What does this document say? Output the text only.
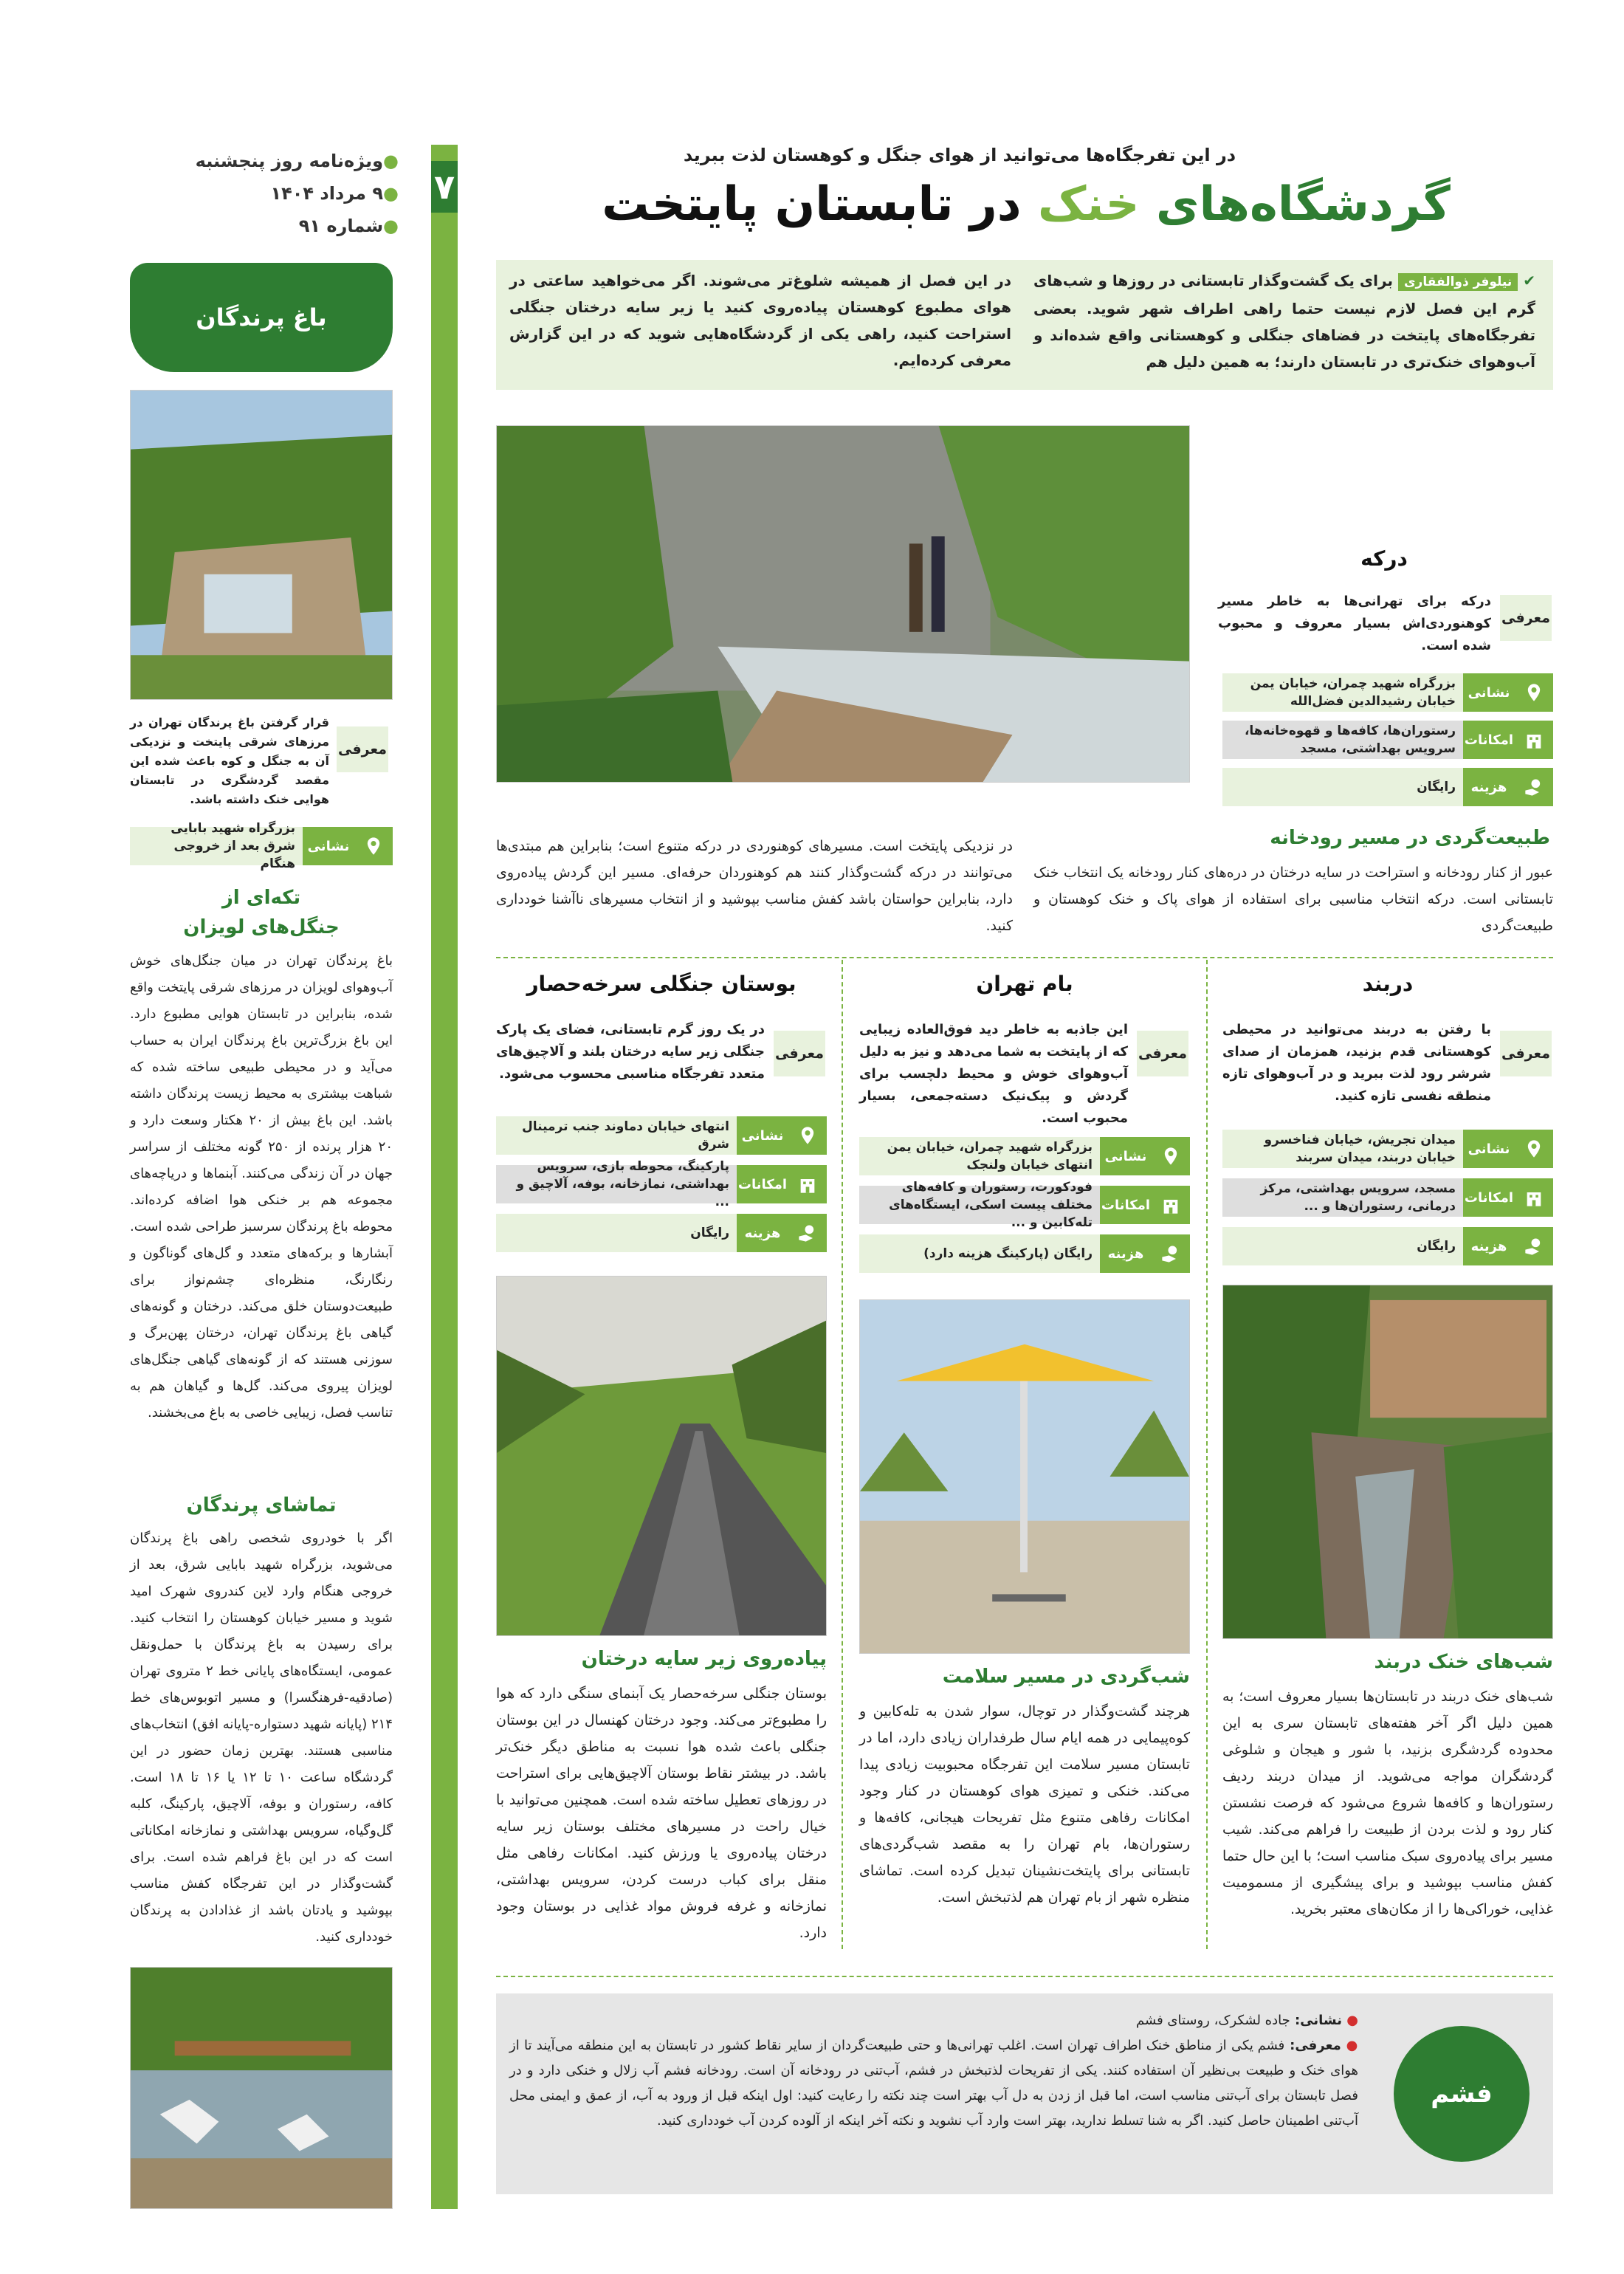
●ویژه‌نامه روز پنجشنبه
●۹ مرداد ۱۴۰۴
●شماره ۹۱
۷
در این تفرجگاه‌ها می‌توانید از هوای جنگل و کوهستان لذت ببرید
گردشگاه‌های خنک در تابستان پایتخت
✔ نیلوفر ذوالفقاری برای یک گشت‌وگذار تابستانی در روزها و شب‌های گرم این فصل لازم نیست حتما راهی اطراف شهر شوید. بعضی تفرجگاه‌های پایتخت در فضاهای جنگلی و کوهستانی واقع شده‌اند و آب‌وهوای خنک‌تری در تابستان دارند؛ به همین دلیل هم
در این فصل از همیشه شلوغ‌تر می‌شوند. اگر می‌خواهید ساعتی در هوای مطبوع کوهستان پیاده‌روی کنید یا زیر سایه درختان جنگلی استراحت کنید، راهی یکی از گردشگاه‌هایی شوید که در این گزارش معرفی کرده‌ایم.
درکه
معرفی
درکه برای تهرانی‌ها به خاطر مسیر کوهنوردی‌اش بسیار معروف و محبوب شده است.
نشانی
بزرگراه شهید چمران، خیابان یمن خیابان رشیدالدین فضل‌الله
امکانات
رستوران‌ها، کافه‌ها و قهوه‌خانه‌ها، سرویس بهداشتی، مسجد
هزینه
رایگان
طبیعت‌گردی در مسیر رودخانه
عبور از کنار رودخانه و استراحت در سایه درختان در دره‌های کنار رودخانه یک انتخاب خنک تابستانی است. درکه انتخاب مناسبی برای استفاده از هوای پاک و خنک کوهستان و طبیعت‌گردی
در نزدیکی پایتخت است. مسیرهای کوهنوردی در درکه متنوع است؛ بنابراین هم مبتدی‌ها می‌توانند در درکه گشت‌وگذار کنند هم کوهنوردان حرفه‌ای. مسیر این گردش پیاده‌روی دارد، بنابراین حواستان باشد کفش مناسب بپوشید و از انتخاب مسیرهای ناآشنا خودداری کنید.
دربند
معرفی
با رفتن به دربند می‌توانید در محیطی کوهستانی قدم بزنید، همزمان از صدای شرشر رود لذت ببرید و در آب‌وهوای تازه منطقه نفسی تازه کنید.
نشانی
میدان تجریش، خیابان فناخسرو خیابان دربند، میدان سربند
امکانات
مسجد، سرویس بهداشتی، مرکز درمانی، رستوران‌ها و ...
هزینه
رایگان
شب‌های خنک دربند
شب‌های خنک دربند در تابستان‌ها بسیار معروف است؛ به همین دلیل اگر آخر هفته‌های تابستان سری به این محدوده گردشگری بزنید، با شور و هیجان و شلوغی گردشگران مواجه می‌شوید. از میدان دربند ردیف رستوران‌ها و کافه‌ها شروع می‌شود که فرصت نشستن کنار رود و لذت بردن از طبیعت را فراهم می‌کند. شیب مسیر برای پیاده‌روی سبک مناسب است؛ با این حال حتما کفش مناسب بپوشید و برای پیشگیری از مسمومیت غذایی، خوراکی‌ها را از مکان‌های معتبر بخرید.
بام تهران
معرفی
این جاذبه به خاطر دید فوق‌العاده زیبایی که از پایتخت به شما می‌دهد و نیز به دلیل آب‌وهوای خوش و محیط دلچسب برای گردش و پیک‌نیک دسته‌جمعی، بسیار محبوب است.
نشانی
بزرگراه شهید چمران، خیابان یمن انتهای خیابان ولنجک
امکانات
فودکورت، رستوران و کافه‌های مختلف پیست اسکی، ایستگاه‌های تله‌کابین و ...
هزینه
رایگان (پارکینگ هزینه دارد)
شب‌گردی در مسیر سلامت
هرچند گشت‌وگذار در توچال، سوار شدن به تله‌کابین و کوه‌پیمایی در همه ایام سال طرفداران زیادی دارد، اما در تابستان مسیر سلامت این تفرجگاه محبوبیت زیادی پیدا می‌کند. خنکی و تمیزی هوای کوهستان در کنار وجود امکانات رفاهی متنوع مثل تفریحات هیجانی، کافه‌ها و رستوران‌ها، بام تهران را به مقصد شب‌گردی‌های تابستانی برای پایتخت‌نشینان تبدیل کرده است. تماشای منظره شهر از بام تهران هم لذتبخش است.
بوستان جنگلی سرخه‌حصار
معرفی
در یک روز گرم تابستانی، فضای یک پارک جنگلی زیر سایه درختان بلند و آلاچیق‌های متعدد تفرجگاه مناسبی محسوب می‌شود.
نشانی
انتهای خیابان دماوند جنب ترمینال شرق
امکانات
پارکینگ، محوطه بازی، سرویس بهداشتی، نمازخانه، بوفه، آلاچیق و ...
هزینه
رایگان
پیاده‌روی زیر سایه درختان
بوستان جنگلی سرخه‌حصار یک آبنمای سنگی دارد که هوا را مطبوع‌تر می‌کند. وجود درختان کهنسال در این بوستان جنگلی باعث شده هوا نسبت به مناطق دیگر خنک‌تر باشد. در بیشتر نقاط بوستان آلاچیق‌هایی برای استراحت در روزهای تعطیل ساخته شده است. همچنین می‌توانید با خیال راحت در مسیرهای مختلف بوستان زیر سایه درختان پیاده‌روی یا ورزش کنید. امکانات رفاهی مثل منقل برای کباب درست کردن، سرویس بهداشتی، نمازخانه و غرفه فروش مواد غذایی در بوستان وجود دارد.
فشم
● نشانی: جاده لشکرک، روستای فشم
● معرفی: فشم یکی از مناطق خنک اطراف تهران است. اغلب تهرانی‌ها و حتی طبیعت‌گردان از سایر نقاط کشور در تابستان به این منطقه می‌آیند تا از هوای خنک و طبیعت بی‌نظیر آن استفاده کنند. یکی از تفریحات لذتبخش در فشم، آب‌تنی در رودخانه آن است. رودخانه فشم آب زلال و خنکی دارد و در فصل تابستان برای آب‌تنی مناسب است، اما قبل از زدن به دل آب بهتر است چند نکته را رعایت کنید: اول اینکه قبل از ورود به آب، از عمق و ایمنی محل آب‌تنی اطمینان حاصل کنید. اگر به شنا تسلط ندارید، بهتر است وارد آب نشوید و نکته آخر اینکه از آلوده کردن آب خودداری کنید.
باغ پرندگان
معرفی
قرار گرفتن باغ پرندگان تهران در مرزهای شرقی پایتخت و نزدیکی آن به جنگل و کوه باعث شده این مقصد گردشگری در تابستان هوایی خنک داشته باشد.
نشانی
بزرگراه شهید بابایی شرق بعد از خروجی هنگام
تکه‌ای از
جنگل‌های لویزان
باغ پرندگان تهران در میان جنگل‌های خوش آب‌وهوای لویزان در مرزهای شرقی پایتخت واقع شده، بنابراین در تابستان هوایی مطبوع دارد. این باغ بزرگ‌ترین باغ پرندگان ایران به حساب می‌آید و در محیطی طبیعی ساخته شده که شباهت بیشتری به محیط زیست پرندگان داشته باشد. این باغ بیش از ۲۰ هکتار وسعت دارد و ۲۰ هزار پرنده از ۲۵۰ گونه مختلف از سراسر جهان در آن زندگی می‌کنند. آبنماها و دریاچه‌های مجموعه هم بر خنکی هوا اضافه کرده‌اند. محوطه باغ پرندگان سرسبز طراحی شده است. آبشارها و برکه‌های متعدد و گل‌های گوناگون و رنگارنگ، منظره‌ای چشم‌نواز برای طبیعت‌دوستان خلق می‌کند. درختان و گونه‌های گیاهی باغ پرندگان تهران، درختان پهن‌برگ و سوزنی هستند که از گونه‌های گیاهی جنگل‌های لویزان پیروی می‌کند. گل‌ها و گیاهان هم به تناسب فصل، زیبایی خاصی به باغ می‌بخشند.
تماشای پرندگان
اگر با خودروی شخصی راهی باغ پرندگان می‌شوید، بزرگراه شهید بابایی شرق، بعد از خروجی هنگام وارد لاین کندروی شهرک امید شوید و مسیر خیابان کوهستان را انتخاب کنید. برای رسیدن به باغ پرندگان با حمل‌ونقل عمومی، ایستگاه‌های پایانی خط ۲ متروی تهران (صادقیه-فرهنگسرا) و مسیر اتوبوس‌های خط ۲۱۴ (پایانه شهید دستواره-پایانه افق) انتخاب‌های مناسبی هستند. بهترین زمان حضور در این گردشگاه ساعت ۱۰ تا ۱۲ یا ۱۶ تا ۱۸ است. کافه، رستوران و بوفه، آلاچیق، پارکینگ، کلبه گل‌وگیاه، سرویس بهداشتی و نمازخانه امکاناتی است که در این باغ فراهم شده است. برای گشت‌وگذار در این تفرجگاه کفش مناسب بپوشید و یادتان باشد از غذادادن به پرندگان خودداری کنید.
